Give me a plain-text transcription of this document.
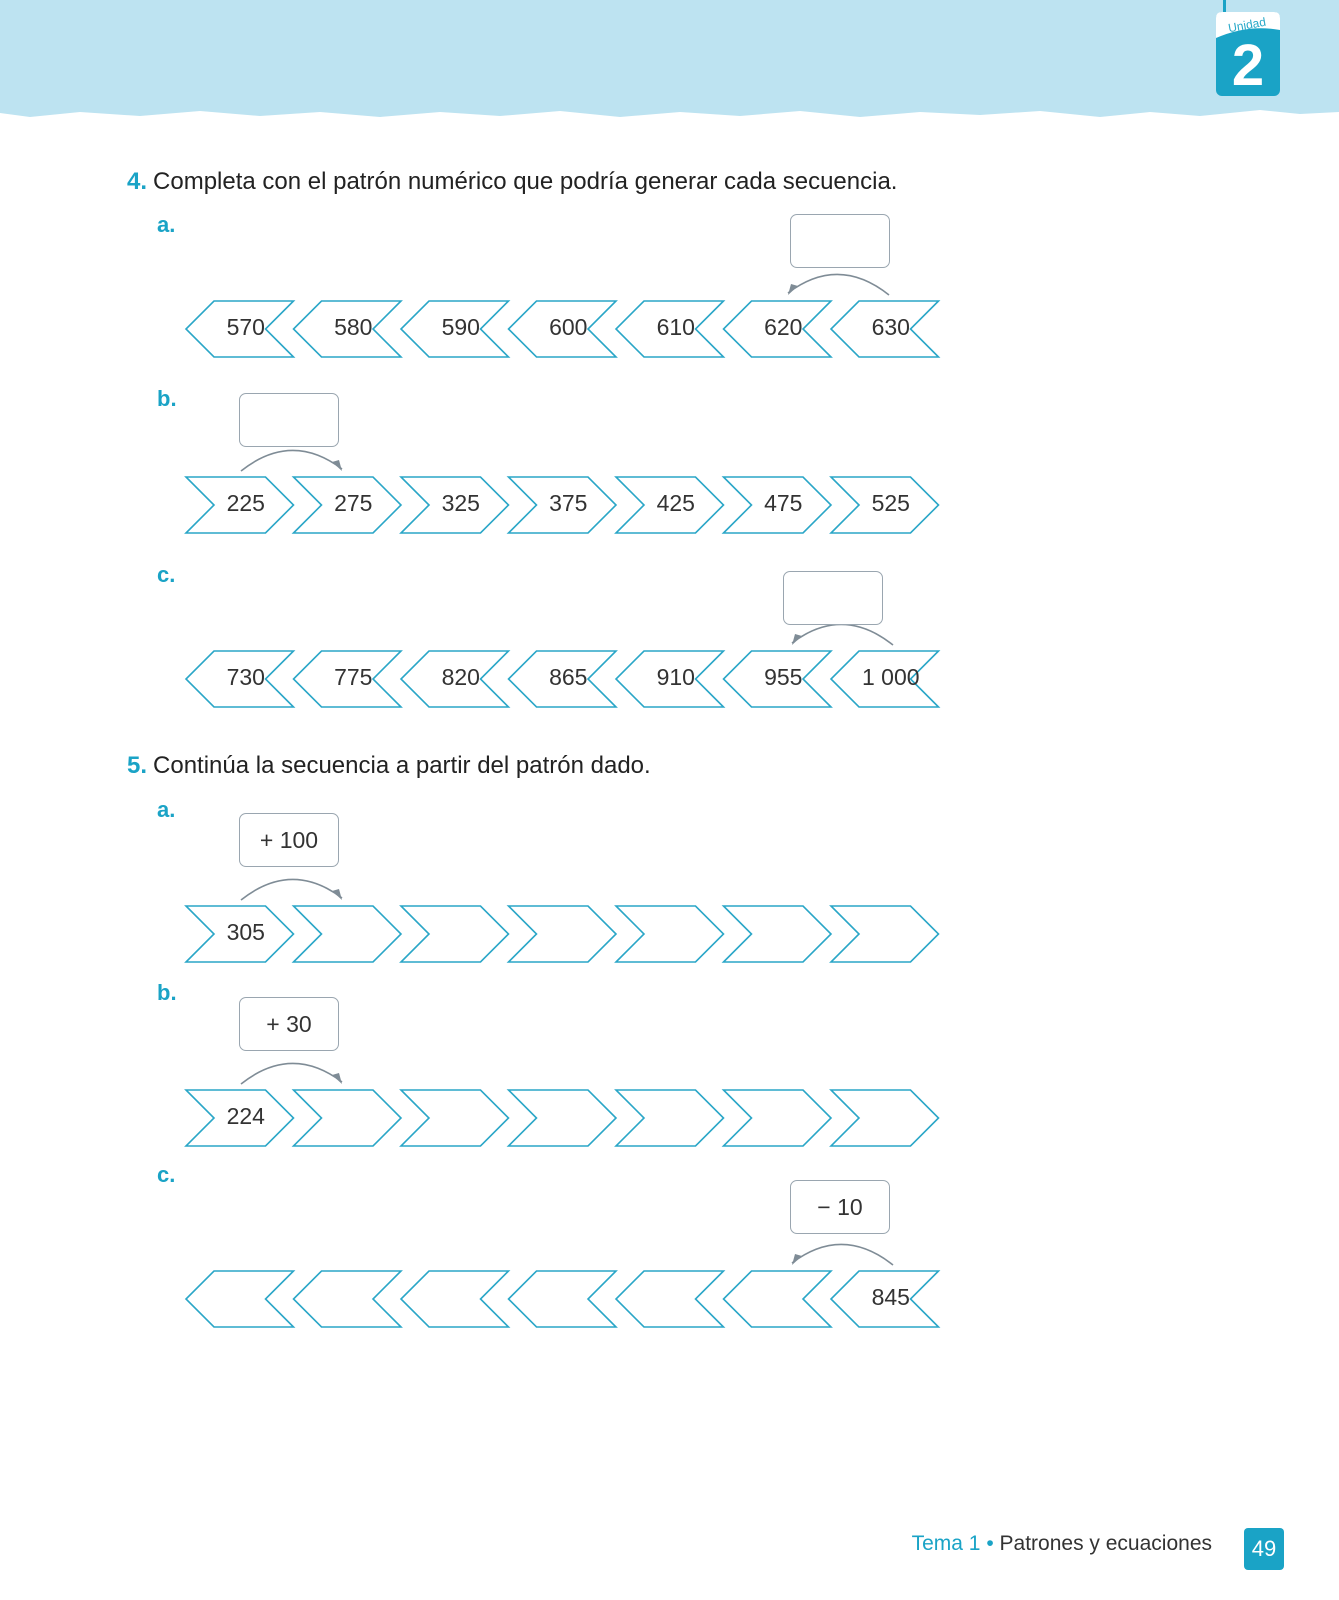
Unidad
2
4. Completa con el patrón numérico que podría generar cada secuencia.
a.
570	580	590	600	610	620	630
b.
225	275	325	375	425	475	525
c.
730	775	820	865	910	955	1 000
5. Continúa la secuencia a partir del patrón dado.
a.
305
+ 100
b.
224
+ 30
c.
845
− 10
Tema 1 • Patrones y ecuaciones	49
